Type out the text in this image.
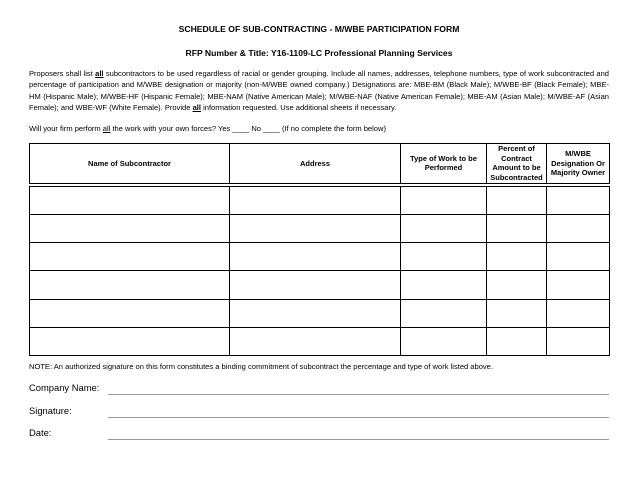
SCHEDULE OF SUB-CONTRACTING - M/WBE PARTICIPATION FORM
RFP Number & Title: Y16-1109-LC Professional Planning Services
Proposers shall list all subcontractors to be used regardless of racial or gender grouping. Include all names, addresses, telephone numbers, type of work subcontracted and percentage of participation and M/WBE designation or majority (non-M/WBE owned company.) Designations are: MBE-BM (Black Male); M/WBE-BF (Black Female); MBE-HM (Hispanic Male); M/WBE-HF (Hispanic Female); MBE-NAM (Native American Male); M/WBE-NAF (Native American Female); MBE-AM (Asian Male); M/WBE-AF (Asian Female); and WBE-WF (White Female). Provide all information requested. Use additional sheets if necessary.
Will your firm perform all the work with your own forces? Yes ____ No ____ (If no complete the form below)
Name of Subcontractor	Address	Type of Work to be Performed	Percent of Contract Amount to be Subcontracted	M/WBE Designation Or Majority Owner

NOTE: An authorized signature on this form constitutes a binding commitment of subcontract the percentage and type of work listed above.
Company Name:
Signature:
Date:
